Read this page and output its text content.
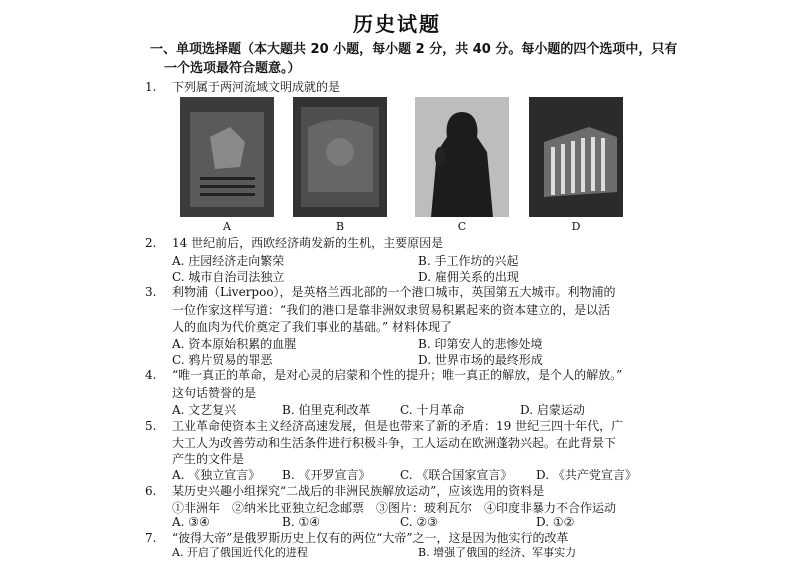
历史试题
一、单项选择题（本大题共 20 小题，每小题 2 分，共 40 分。每小题的四个选项中，只有
一个选项最符合题意。）
1.	下列属于两河流域文明成就的是
A	B	C	D
2.	14 世纪前后，西欧经济萌发新的生机，主要原因是
A. 庄园经济走向繁荣	B. 手工作坊的兴起
C. 城市自治司法独立	D. 雇佣关系的出现
3.	利物浦（Liverpoo），是英格兰西北部的一个港口城市，英国第五大城市。利物浦的
一位作家这样写道：“我们的港口是靠非洲奴隶贸易积累起来的资本建立的，是以活
人的血肉为代价奠定了我们事业的基础。” 材料体现了
A. 资本原始积累的血腥	B. 印第安人的悲惨处境
C. 鸦片贸易的罪恶	D. 世界市场的最终形成
4.	“唯一真正的革命，是对心灵的启蒙和个性的提升；唯一真正的解放，是个人的解放。”
这句话赞誉的是
A. 文艺复兴	B. 伯里克利改革 C. 十月革命	D. 启蒙运动
5.	工业革命使资本主义经济高速发展，但是也带来了新的矛盾：19 世纪三四十年代，广
大工人为改善劳动和生活条件进行积极斗争，工人运动在欧洲蓬勃兴起。在此背景下
产生的文件是
A. 《独立宣言》 B. 《开罗宣言》 C. 《联合国家宣言》 D. 《共产党宣言》
6.	某历史兴趣小组探究“二战后的非洲民族解放运动”，应该选用的资料是
①非洲年　②纳米比亚独立纪念邮票　③图片：玻利瓦尔　④印度非暴力不合作运动
A. ③④	B. ①④	C. ②③	D. ①②
7.	“彼得大帝”是俄罗斯历史上仅有的两位“大帝”之一，这是因为他实行的改革
A. 开启了俄国近代化的进程	B. 增强了俄国的经济、军事实力
